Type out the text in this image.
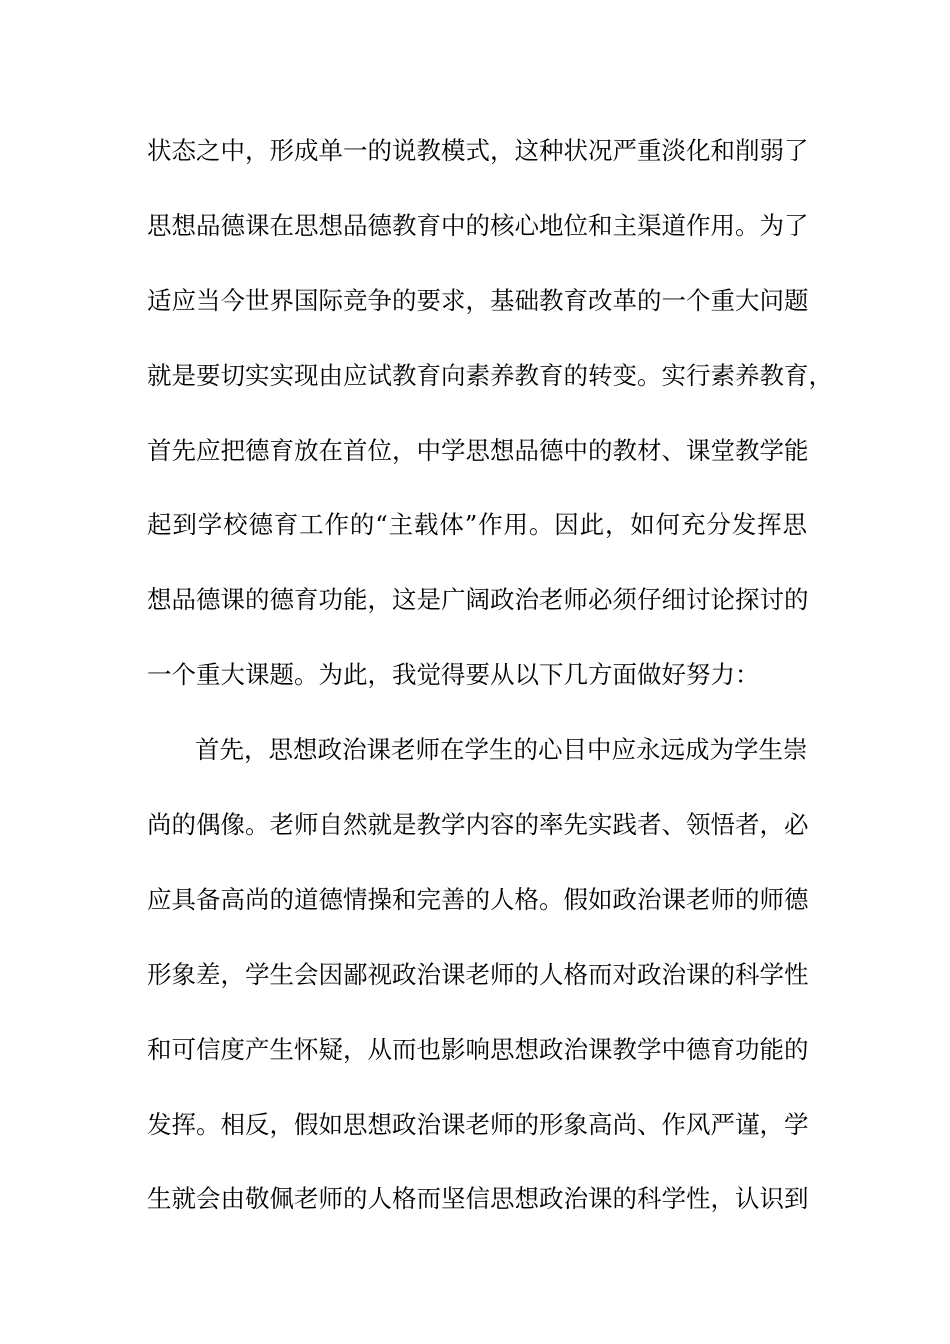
状态之中，形成单一的说教模式，这种状况严重淡化和削弱了
思想品德课在思想品德教育中的核心地位和主渠道作用。为了
适应当今世界国际竞争的要求，基础教育改革的一个重大问题
就是要切实实现由应试教育向素养教育的转变。实行素养教育，
首先应把德育放在首位，中学思想品德中的教材、课堂教学能
起到学校德育工作的“主载体”作用。因此，如何充分发挥思
想品德课的德育功能，这是广阔政治老师必须仔细讨论探讨的
一个重大课题。为此，我觉得要从以下几方面做好努力：
首先，思想政治课老师在学生的心目中应永远成为学生崇
尚的偶像。老师自然就是教学内容的率先实践者、领悟者，必
应具备高尚的道德情操和完善的人格。假如政治课老师的师德
形象差，学生会因鄙视政治课老师的人格而对政治课的科学性
和可信度产生怀疑，从而也影响思想政治课教学中德育功能的
发挥。相反，假如思想政治课老师的形象高尚、作风严谨，学
生就会由敬佩老师的人格而坚信思想政治课的科学性，认识到
